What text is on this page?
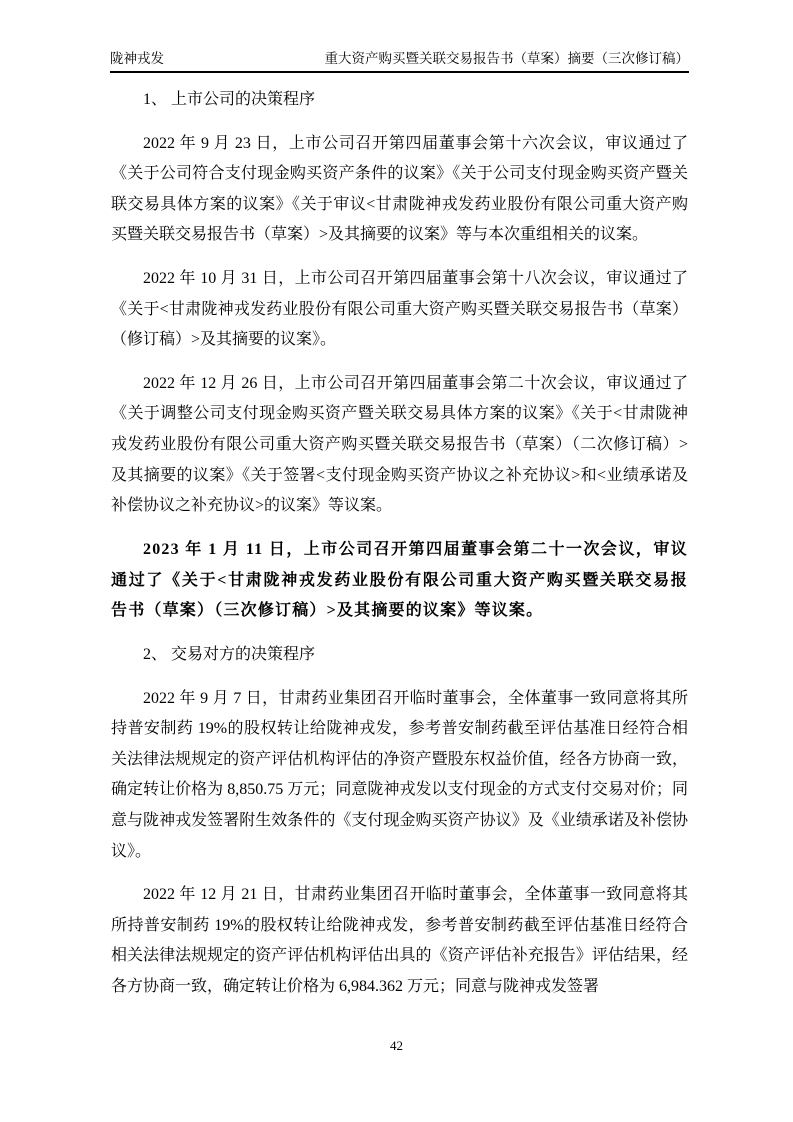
陇神戎发	重大资产购买暨关联交易报告书（草案）摘要（三次修订稿）

1、 上市公司的决策程序

2022 年 9 月 23 日，上市公司召开第四届董事会第十六次会议，审议通过了《关于公司符合支付现金购买资产条件的议案》《关于公司支付现金购买资产暨关联交易具体方案的议案》《关于审议<甘肃陇神戎发药业股份有限公司重大资产购买暨关联交易报告书（草案）>及其摘要的议案》等与本次重组相关的议案。

2022 年 10 月 31 日，上市公司召开第四届董事会第十八次会议，审议通过了《关于<甘肃陇神戎发药业股份有限公司重大资产购买暨关联交易报告书（草案）（修订稿）>及其摘要的议案》。

2022 年 12 月 26 日，上市公司召开第四届董事会第二十次会议，审议通过了《关于调整公司支付现金购买资产暨关联交易具体方案的议案》《关于<甘肃陇神戎发药业股份有限公司重大资产购买暨关联交易报告书（草案）（二次修订稿）>及其摘要的议案》《关于签署<支付现金购买资产协议之补充协议>和<业绩承诺及补偿协议之补充协议>的议案》等议案。

2023 年 1 月 11 日，上市公司召开第四届董事会第二十一次会议，审议通过了《关于<甘肃陇神戎发药业股份有限公司重大资产购买暨关联交易报告书（草案）（三次修订稿）>及其摘要的议案》等议案。

2、 交易对方的决策程序

2022 年 9 月 7 日，甘肃药业集团召开临时董事会，全体董事一致同意将其所持普安制药 19%的股权转让给陇神戎发，参考普安制药截至评估基准日经符合相关法律法规规定的资产评估机构评估的净资产暨股东权益价值，经各方协商一致，确定转让价格为 8,850.75 万元；同意陇神戎发以支付现金的方式支付交易对价；同意与陇神戎发签署附生效条件的《支付现金购买资产协议》及《业绩承诺及补偿协议》。

2022 年 12 月 21 日，甘肃药业集团召开临时董事会，全体董事一致同意将其所持普安制药 19%的股权转让给陇神戎发，参考普安制药截至评估基准日经符合相关法律法规规定的资产评估机构评估出具的《资产评估补充报告》评估结果，经各方协商一致，确定转让价格为 6,984.362 万元；同意与陇神戎发签署

42
